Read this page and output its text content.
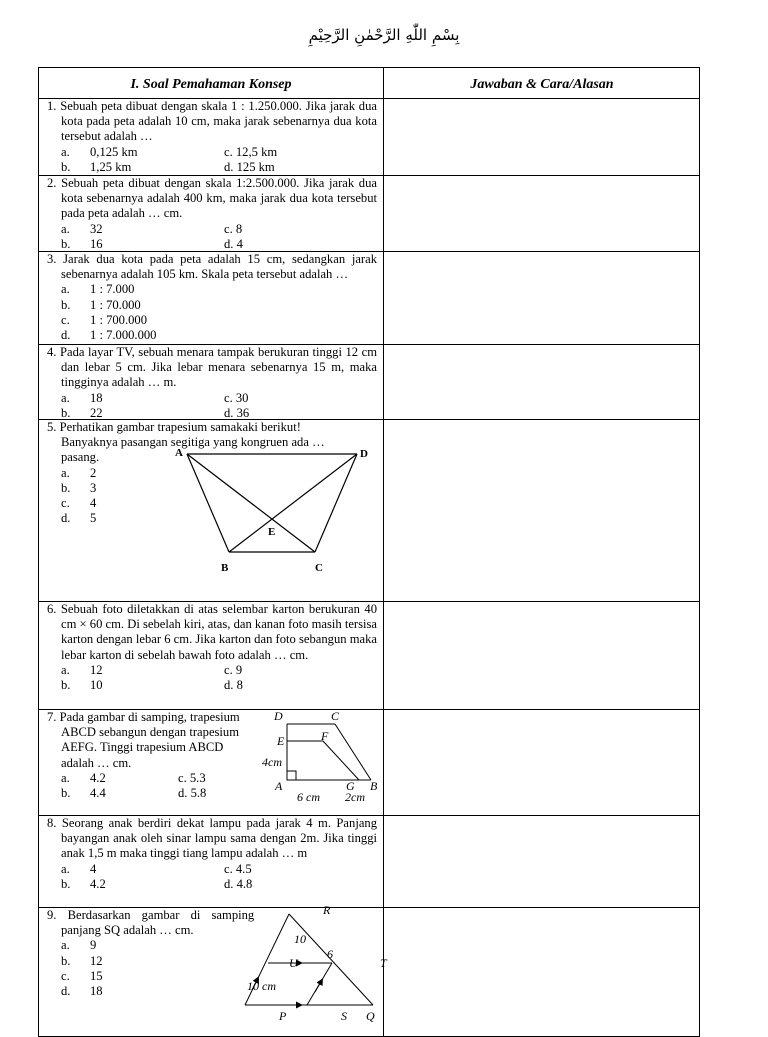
بِسْمِ اللّٰهِ الرَّحْمٰنِ الرَّحِيْمِ
I. Soal Pemahaman Konsep	Jawaban & Cara/Alasan
1. Sebuah peta dibuat dengan skala 1 : 1.250.000. Jika jarak dua kota pada peta adalah 10 cm, maka jarak sebenarnya dua kota tersebut adalah …
a.	0,125 km	c. 12,5 km
b.	1,25 km	d. 125 km
2. Sebuah peta dibuat dengan skala 1:2.500.000. Jika jarak dua kota sebenarnya adalah 400 km, maka jarak dua kota tersebut pada peta adalah … cm.
a.	32	c. 8
b.	16	d. 4
3. Jarak dua kota pada peta adalah 15 cm, sedangkan jarak sebenarnya adalah 105 km. Skala peta tersebut adalah …
a.	1 : 7.000
b.	1 : 70.000
c.	1 : 700.000
d.	1 : 7.000.000
4. Pada layar TV, sebuah menara tampak berukuran tinggi 12 cm dan lebar 5 cm. Jika lebar menara sebenarnya 15 m, maka tingginya adalah … m.
a.	18	c. 30
b.	22	d. 36
5. Perhatikan gambar trapesium samakaki berikut!
Banyaknya pasangan segitiga yang kongruen ada …
pasang.
a.	2
b.	3
c.	4
d.	5
A	D
E
B	C
6. Sebuah foto diletakkan di atas selembar karton berukuran 40 cm × 60 cm. Di sebelah kiri, atas, dan kanan foto masih tersisa karton dengan lebar 6 cm. Jika karton dan foto sebangun maka lebar karton di sebelah bawah foto adalah … cm.
a.	12	c. 9
b.	10	d. 8
7. Pada gambar di samping, trapesium
ABCD sebangun dengan trapesium
AEFG. Tinggi trapesium ABCD
adalah … cm.
a.	4.2	c. 5.3
b.	4.4	d. 5.8
D	C
E	F
4cm
A	G B
6 cm 2cm
8. Seorang anak berdiri dekat lampu pada jarak 4 m. Panjang bayangan anak oleh sinar lampu sama dengan 2m. Jika tinggi anak 1,5 m maka tinggi tiang lampu adalah … m
a.	4	c. 4.5
b.	4.2	d. 4.8
9. Berdasarkan gambar di samping
panjang SQ adalah … cm.
a.	9
b.	12
c.	15
d.	18
R
10
6
U	T
10 cm
P	S Q
